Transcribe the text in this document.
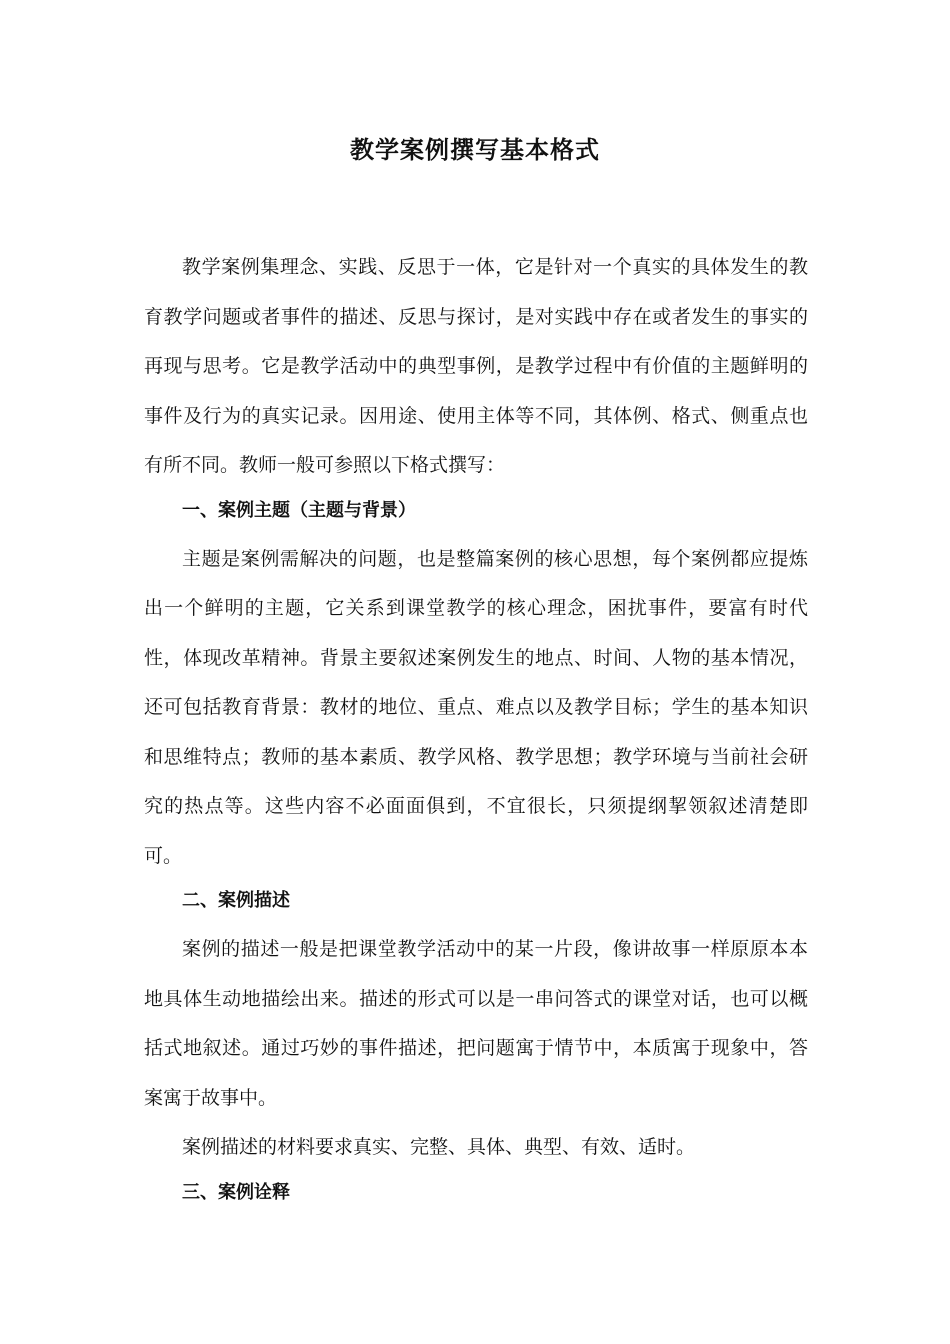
教学案例撰写基本格式

教学案例集理念、实践、反思于一体，它是针对一个真实的具体发生的教育教学问题或者事件的描述、反思与探讨，是对实践中存在或者发生的事实的再现与思考。它是教学活动中的典型事例，是教学过程中有价值的主题鲜明的事件及行为的真实记录。因用途、使用主体等不同，其体例、格式、侧重点也有所不同。教师一般可参照以下格式撰写：

一、案例主题（主题与背景）

主题是案例需解决的问题，也是整篇案例的核心思想，每个案例都应提炼出一个鲜明的主题，它关系到课堂教学的核心理念，困扰事件，要富有时代性，体现改革精神。背景主要叙述案例发生的地点、时间、人物的基本情况，还可包括教育背景：教材的地位、重点、难点以及教学目标；学生的基本知识和思维特点；教师的基本素质、教学风格、教学思想；教学环境与当前社会研究的热点等。这些内容不必面面俱到，不宜很长，只须提纲挈领叙述清楚即可。

二、案例描述

案例的描述一般是把课堂教学活动中的某一片段，像讲故事一样原原本本地具体生动地描绘出来。描述的形式可以是一串问答式的课堂对话，也可以概括式地叙述。通过巧妙的事件描述，把问题寓于情节中，本质寓于现象中，答案寓于故事中。

案例描述的材料要求真实、完整、具体、典型、有效、适时。

三、案例诠释
